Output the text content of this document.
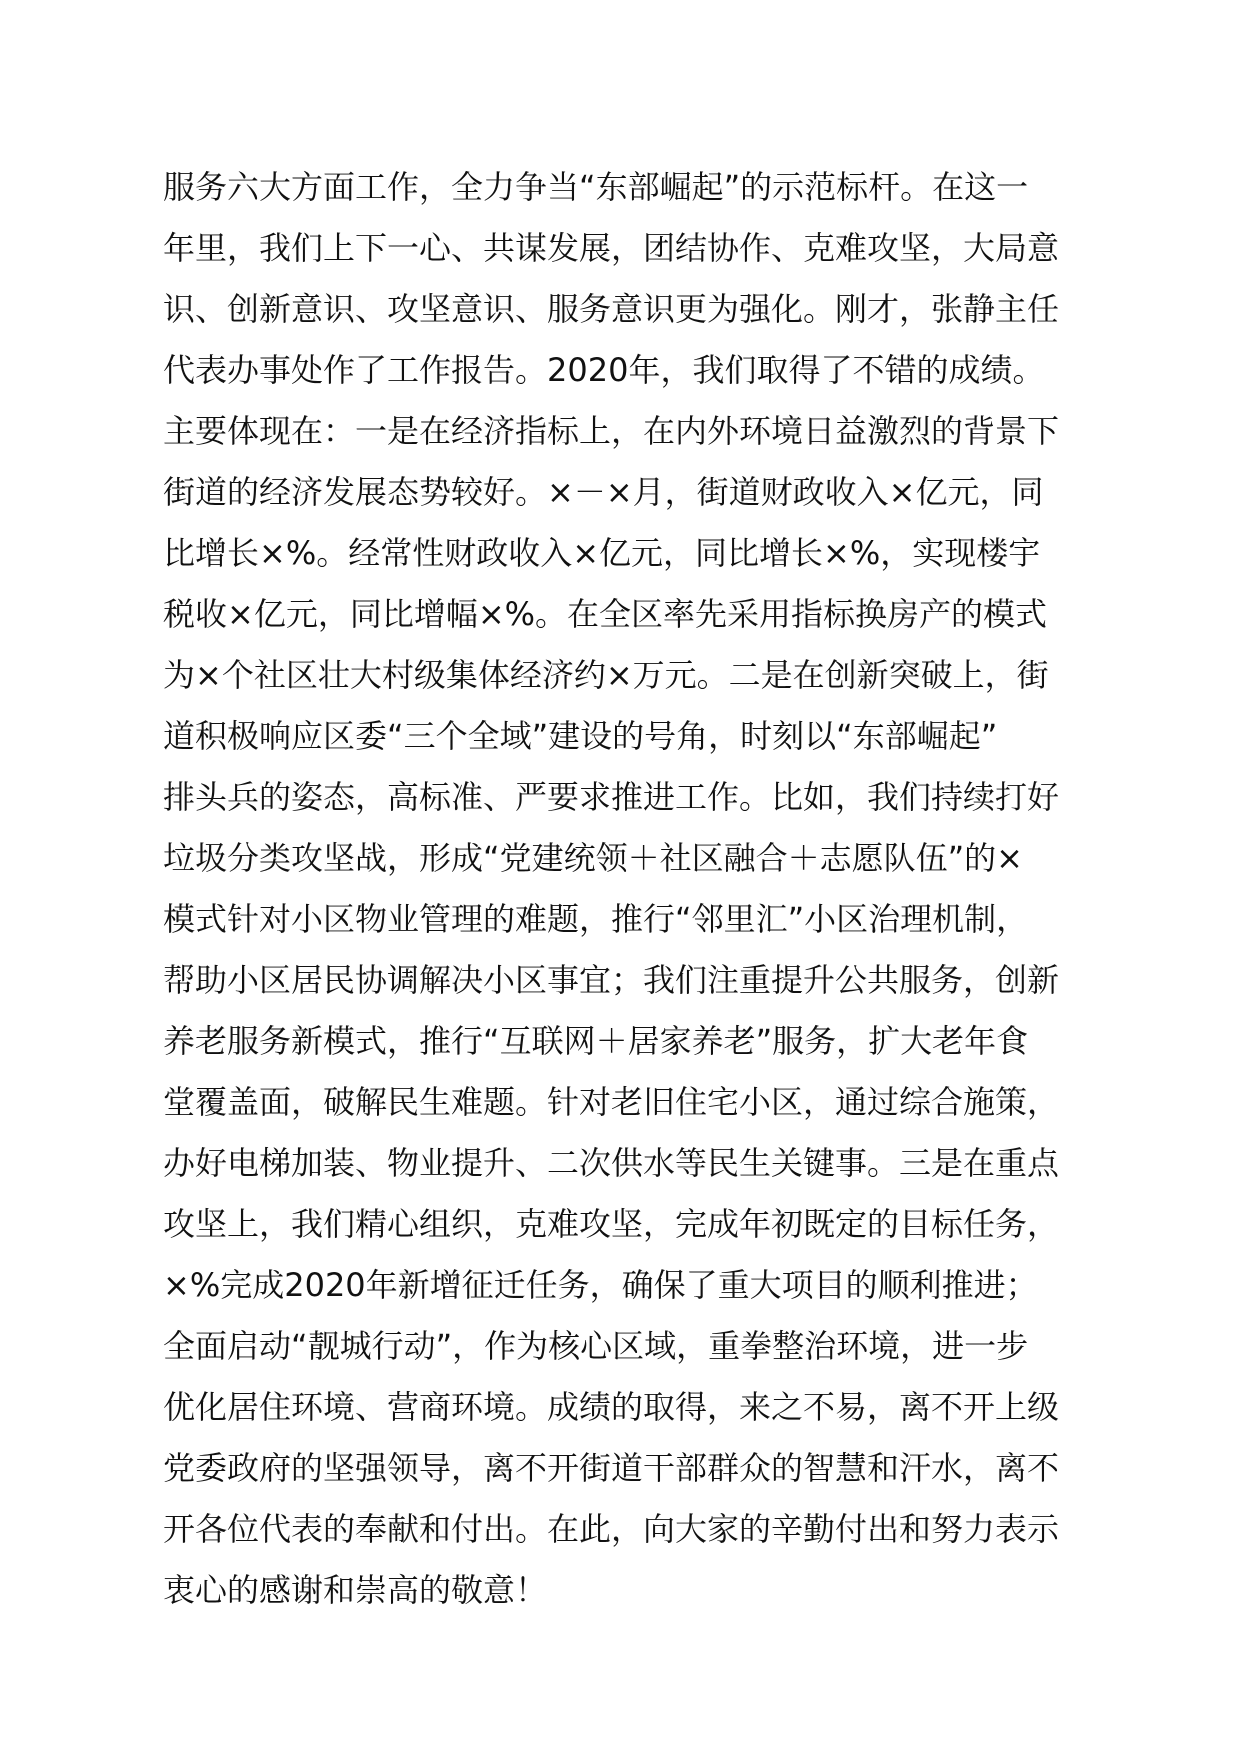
服务六大方面工作，全力争当“东部崛起”的示范标杆。在这一
年里，我们上下一心、共谋发展，团结协作、克难攻坚，大局意
识、创新意识、攻坚意识、服务意识更为强化。刚才，张静主任
代表办事处作了工作报告。2020年，我们取得了不错的成绩。
主要体现在：一是在经济指标上，在内外环境日益激烈的背景下
街道的经济发展态势较好。×－×月，街道财政收入×亿元，同
比增长×%。经常性财政收入×亿元，同比增长×%，实现楼宇
税收×亿元，同比增幅×%。在全区率先采用指标换房产的模式
为×个社区壮大村级集体经济约×万元。二是在创新突破上，街
道积极响应区委“三个全域”建设的号角，时刻以“东部崛起”
排头兵的姿态，高标准、严要求推进工作。比如，我们持续打好
垃圾分类攻坚战，形成“党建统领＋社区融合＋志愿队伍”的×
模式针对小区物业管理的难题，推行“邻里汇”小区治理机制，
帮助小区居民协调解决小区事宜；我们注重提升公共服务，创新
养老服务新模式，推行“互联网＋居家养老”服务，扩大老年食
堂覆盖面，破解民生难题。针对老旧住宅小区，通过综合施策，
办好电梯加装、物业提升、二次供水等民生关键事。三是在重点
攻坚上，我们精心组织，克难攻坚，完成年初既定的目标任务，
×%完成2020年新增征迁任务，确保了重大项目的顺利推进；
全面启动“靓城行动”，作为核心区域，重拳整治环境，进一步
优化居住环境、营商环境。成绩的取得，来之不易，离不开上级
党委政府的坚强领导，离不开街道干部群众的智慧和汗水，离不
开各位代表的奉献和付出。在此，向大家的辛勤付出和努力表示
衷心的感谢和崇高的敬意！
